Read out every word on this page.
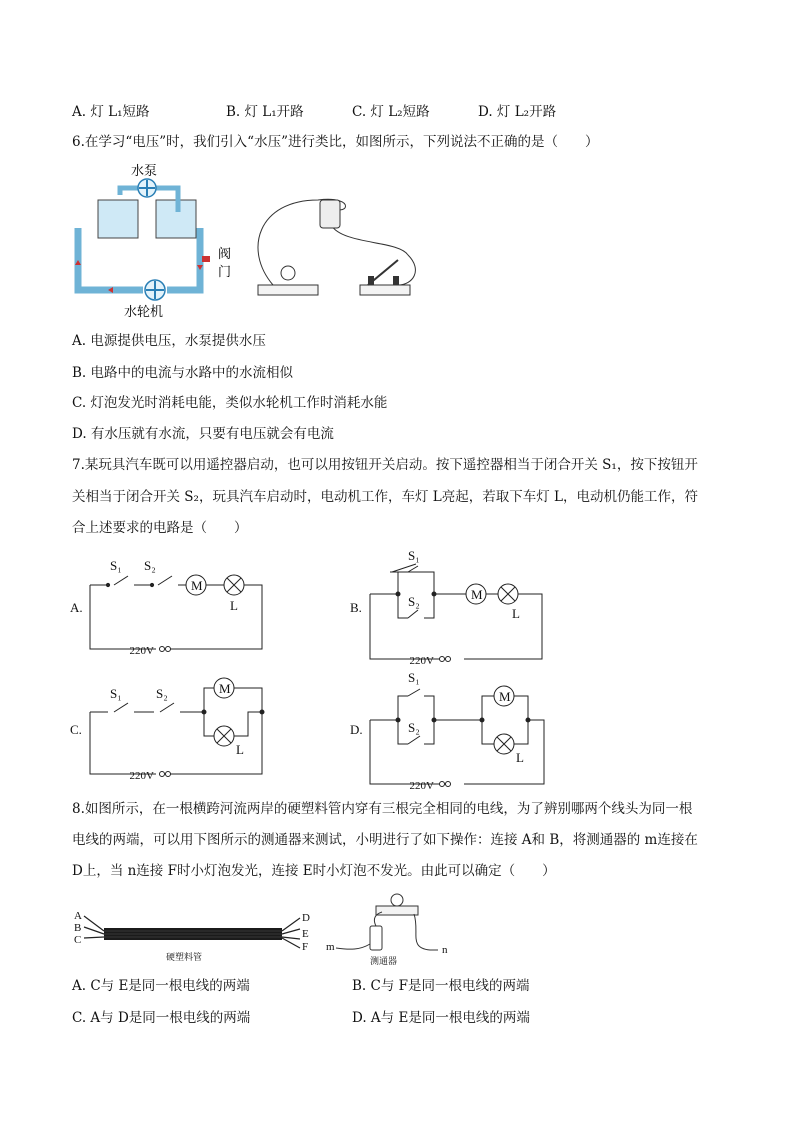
A. 灯 L₁短路	B. 灯 L₁开路	C. 灯 L₂短路	D. 灯 L₂开路
6.在学习“电压”时，我们引入“水压”进行类比，如图所示，下列说法不正确的是（　　）
水泵
阀
门
水轮机
A. 电源提供电压，水泵提供水压
B. 电路中的电流与水路中的水流相似
C. 灯泡发光时消耗电能，类似水轮机工作时消耗水能
D. 有水压就有水流，只要有电压就会有电流
7.某玩具汽车既可以用遥控器启动，也可以用按钮开关启动。按下遥控器相当于闭合开关 S₁，按下按钮开
关相当于闭合开关 S₂，玩具汽车启动时，电动机工作，车灯 L亮起，若取下车灯 L，电动机仍能工作，符
合上述要求的电路是（　　）
A.
S₁ S₂
M
L
220V
B.
S₁
S₂	M
L
220V
C.
S₁	S₂	M
L
220V
D.
S₁
S₂
M
L
220V
8.如图所示，在一根横跨河流两岸的硬塑料管内穿有三根完全相同的电线，为了辨别哪两个线头为同一根
电线的两端，可以用下图所示的测通器来测试，小明进行了如下操作：连接 A和 B，将测通器的 m连接在
D上，当 n连接 F时小灯泡发光，连接 E时小灯泡不发光。由此可以确定（　　）
A
B
C
D
E
F
硬塑料管
m	n
测通器
A. C与 E是同一根电线的两端	B. C与 F是同一根电线的两端
C. A与 D是同一根电线的两端	D. A与 E是同一根电线的两端
